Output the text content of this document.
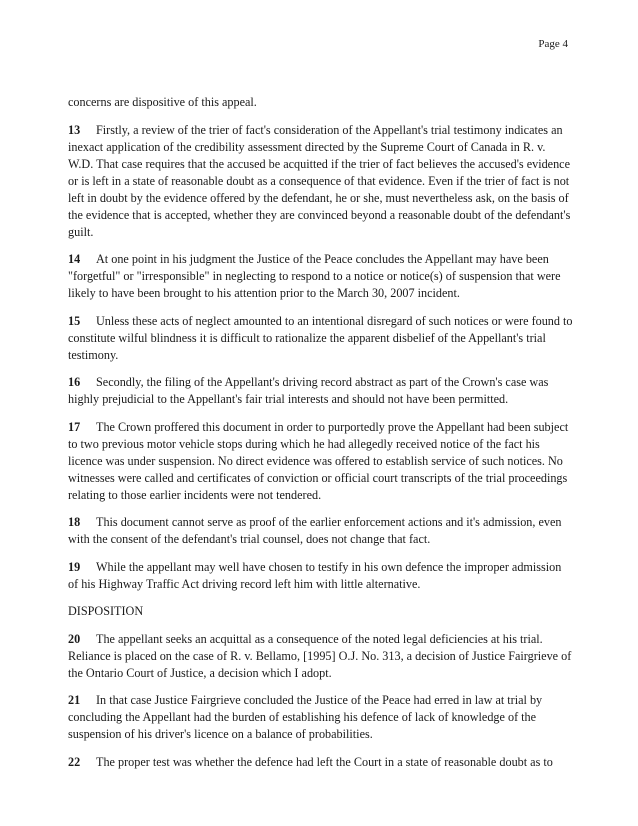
Page 4

concerns are dispositive of this appeal.

13 Firstly, a review of the trier of fact's consideration of the Appellant's trial testimony indicates an inexact application of the credibility assessment directed by the Supreme Court of Canada in R. v. W.D. That case requires that the accused be acquitted if the trier of fact believes the accused's evidence or is left in a state of reasonable doubt as a consequence of that evidence. Even if the trier of fact is not left in doubt by the evidence offered by the defendant, he or she, must nevertheless ask, on the basis of the evidence that is accepted, whether they are convinced beyond a reasonable doubt of the defendant's guilt.

14 At one point in his judgment the Justice of the Peace concludes the Appellant may have been "forgetful" or "irresponsible" in neglecting to respond to a notice or notice(s) of suspension that were likely to have been brought to his attention prior to the March 30, 2007 incident.

15 Unless these acts of neglect amounted to an intentional disregard of such notices or were found to constitute wilful blindness it is difficult to rationalize the apparent disbelief of the Appellant's trial testimony.

16 Secondly, the filing of the Appellant's driving record abstract as part of the Crown's case was highly prejudicial to the Appellant's fair trial interests and should not have been permitted.

17 The Crown proffered this document in order to purportedly prove the Appellant had been subject to two previous motor vehicle stops during which he had allegedly received notice of the fact his licence was under suspension. No direct evidence was offered to establish service of such notices. No witnesses were called and certificates of conviction or official court transcripts of the trial proceedings relating to those earlier incidents were not tendered.

18 This document cannot serve as proof of the earlier enforcement actions and it's admission, even with the consent of the defendant's trial counsel, does not change that fact.

19 While the appellant may well have chosen to testify in his own defence the improper admission of his Highway Traffic Act driving record left him with little alternative.

DISPOSITION

20 The appellant seeks an acquittal as a consequence of the noted legal deficiencies at his trial. Reliance is placed on the case of R. v. Bellamo, [1995] O.J. No. 313, a decision of Justice Fairgrieve of the Ontario Court of Justice, a decision which I adopt.

21 In that case Justice Fairgrieve concluded the Justice of the Peace had erred in law at trial by concluding the Appellant had the burden of establishing his defence of lack of knowledge of the suspension of his driver's licence on a balance of probabilities.

22 The proper test was whether the defence had left the Court in a state of reasonable doubt as to
